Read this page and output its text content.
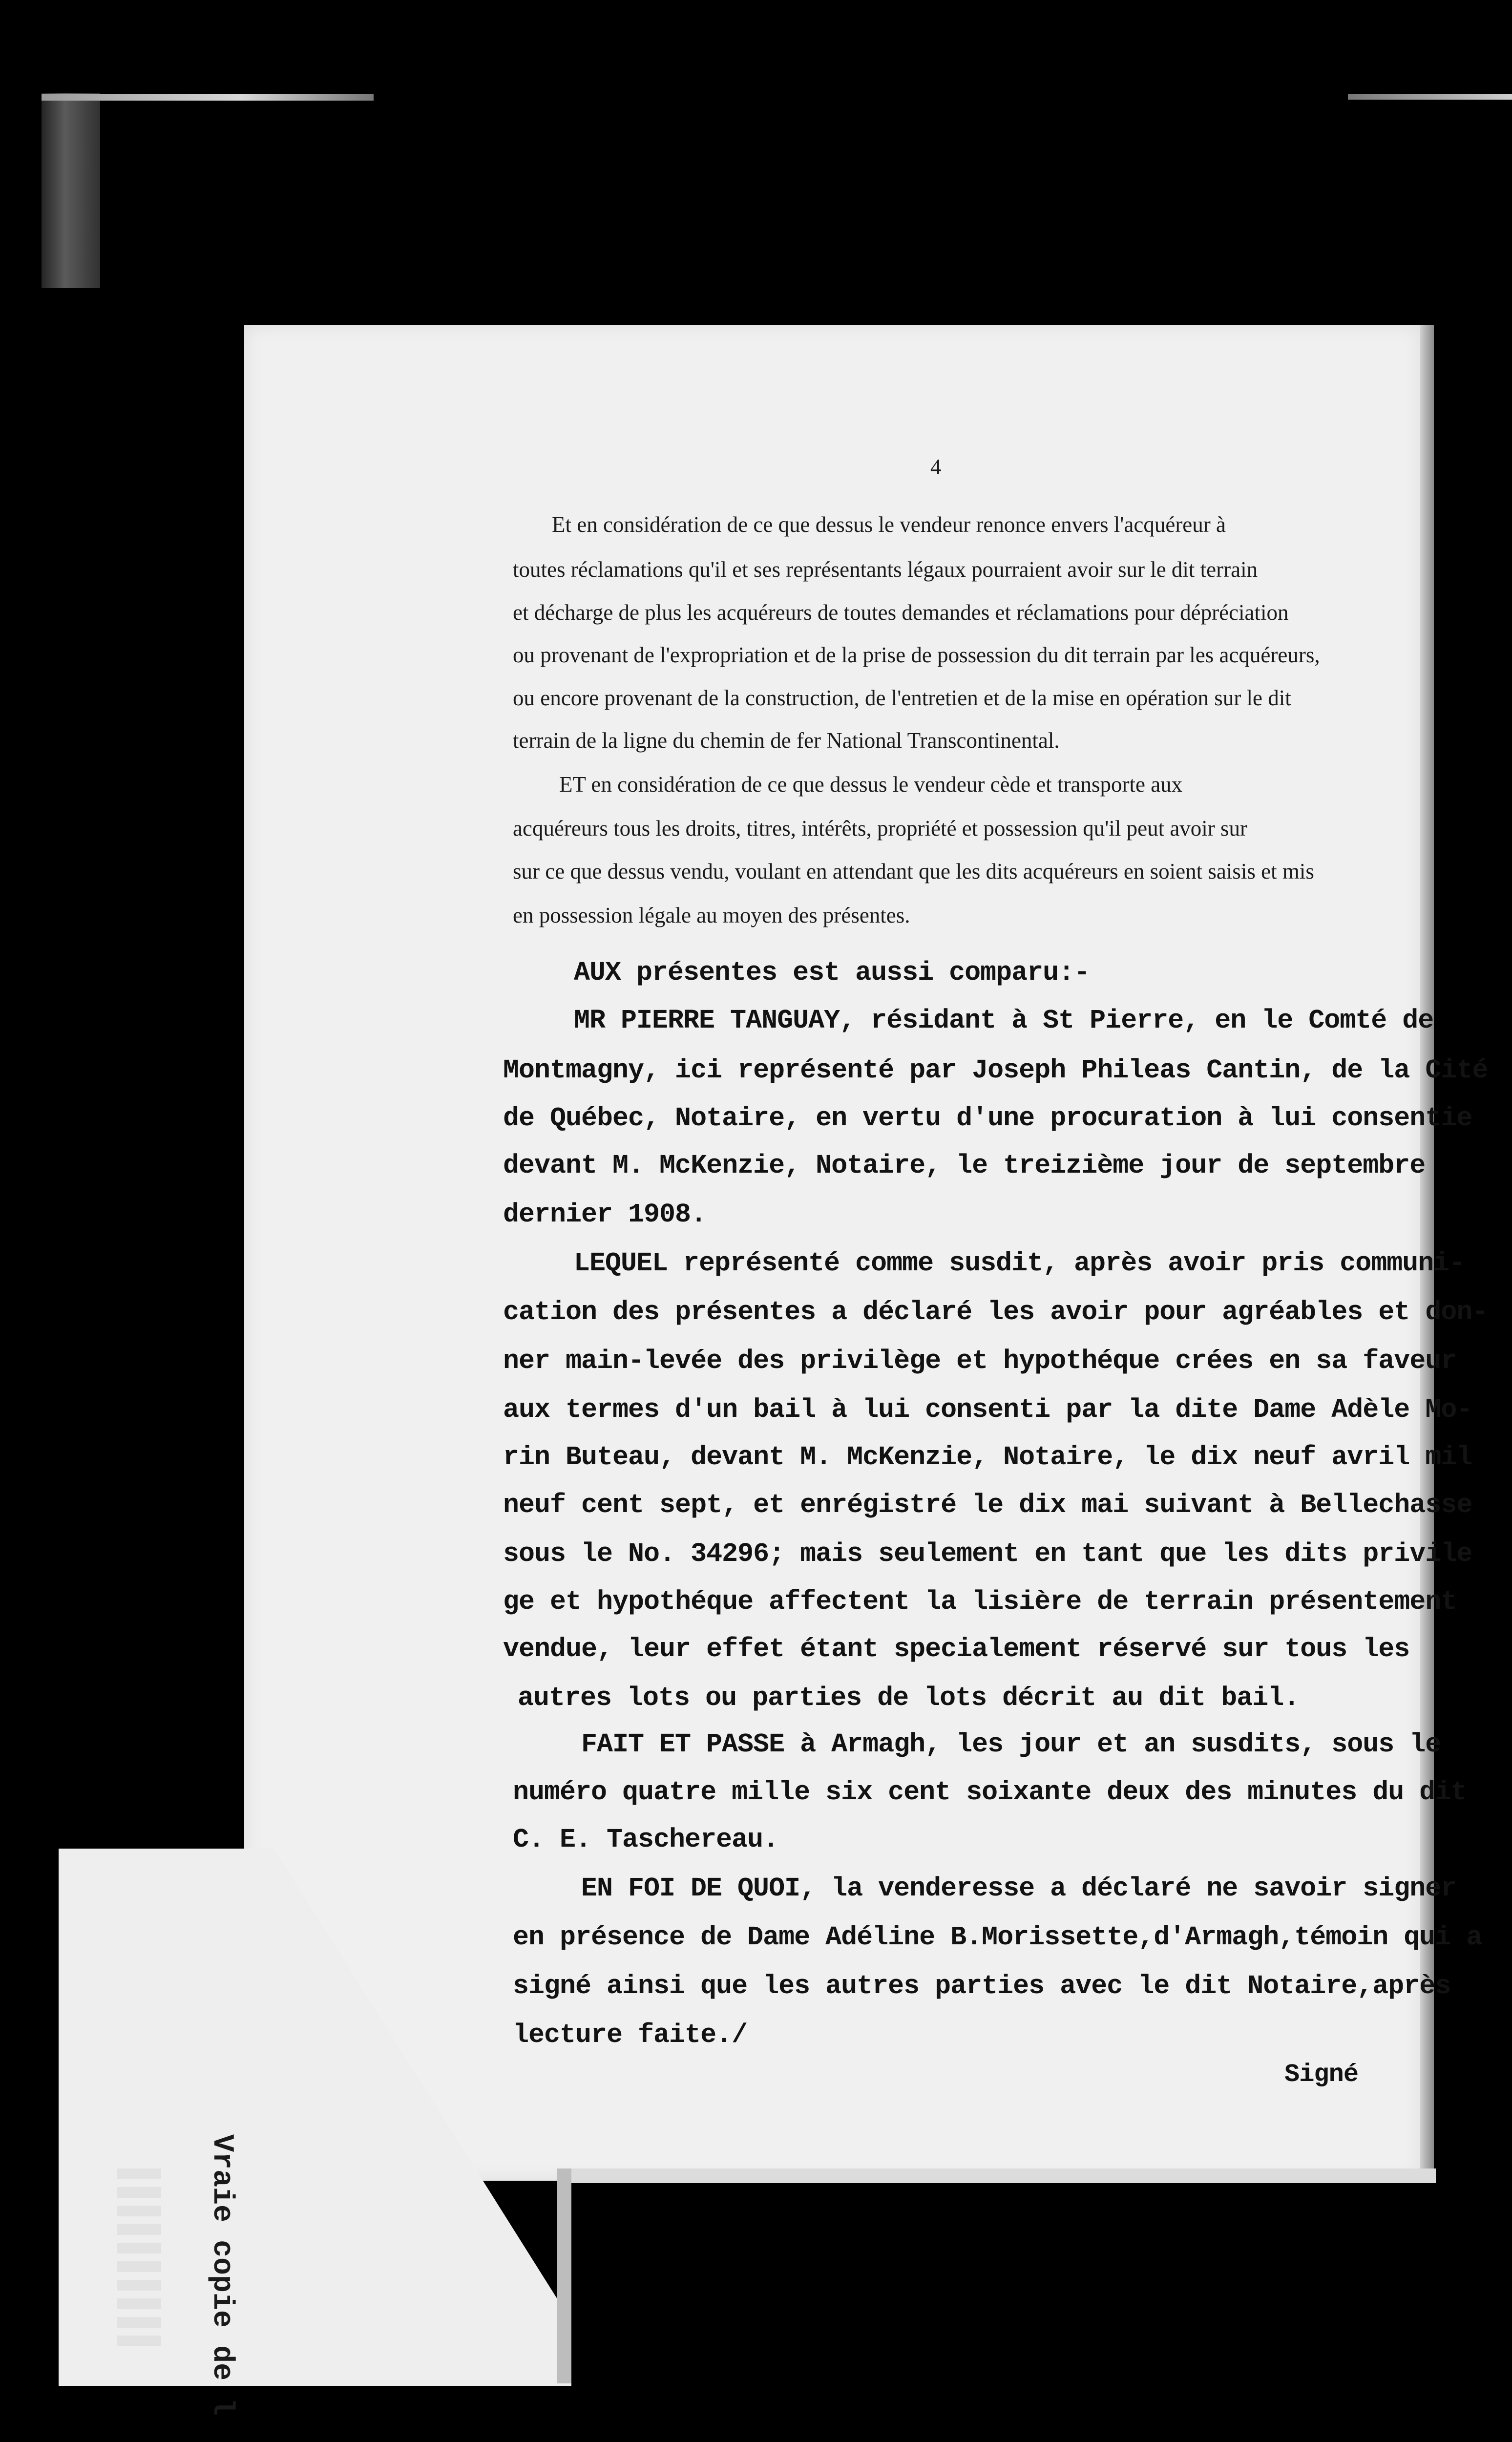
4
Et en considération de ce que dessus le vendeur renonce envers l'acquéreur à
toutes réclamations qu'il et ses représentants légaux pourraient avoir sur le dit terrain
et décharge de plus les acquéreurs de toutes demandes et réclamations pour dépréciation
ou provenant de l'expropriation et de la prise de possession du dit terrain par les acquéreurs,
ou encore provenant de la construction, de l'entretien et de la mise en opération sur le dit
terrain de la ligne du chemin de fer National Transcontinental.
ET en considération de ce que dessus le vendeur cède et transporte aux
acquéreurs tous les droits, titres, intérêts, propriété et possession qu'il peut avoir sur
sur ce que dessus vendu, voulant en attendant que les dits acquéreurs en soient saisis et mis
en possession légale au moyen des présentes.
AUX présentes est aussi comparu:-
MR PIERRE TANGUAY, résidant à St Pierre, en le Comté de
Montmagny, ici représenté par Joseph Phileas Cantin, de la Cité
de Québec, Notaire, en vertu d'une procuration à lui consentie
devant M. McKenzie, Notaire, le treizième jour de septembre
dernier 1908.
LEQUEL représenté comme susdit, après avoir pris communi-
cation des présentes a déclaré les avoir pour agréables et don-
ner main-levée des privilège et hypothéque crées en sa faveur
aux termes d'un bail à lui consenti par la dite Dame Adèle Mo-
rin Buteau, devant M. McKenzie, Notaire, le dix neuf avril mil
neuf cent sept, et enrégistré le dix mai suivant à Bellechasse
sous le No. 34296; mais seulement en tant que les dits privile
ge et hypothéque affectent la lisière de terrain présentement
vendue, leur effet étant specialement réservé sur tous les
autres lots ou parties de lots décrit au dit bail.
FAIT ET PASSE à Armagh, les jour et an susdits, sous le
numéro quatre mille six cent soixante deux des minutes du dit
C. E. Taschereau.
EN FOI DE QUOI, la venderesse a déclaré ne savoir signer
en présence de Dame Adéline B.Morissette,d'Armagh,témoin qui a
signé ainsi que les autres parties avec le dit Notaire,après
lecture faite./
Signé
Vraie copie de l
